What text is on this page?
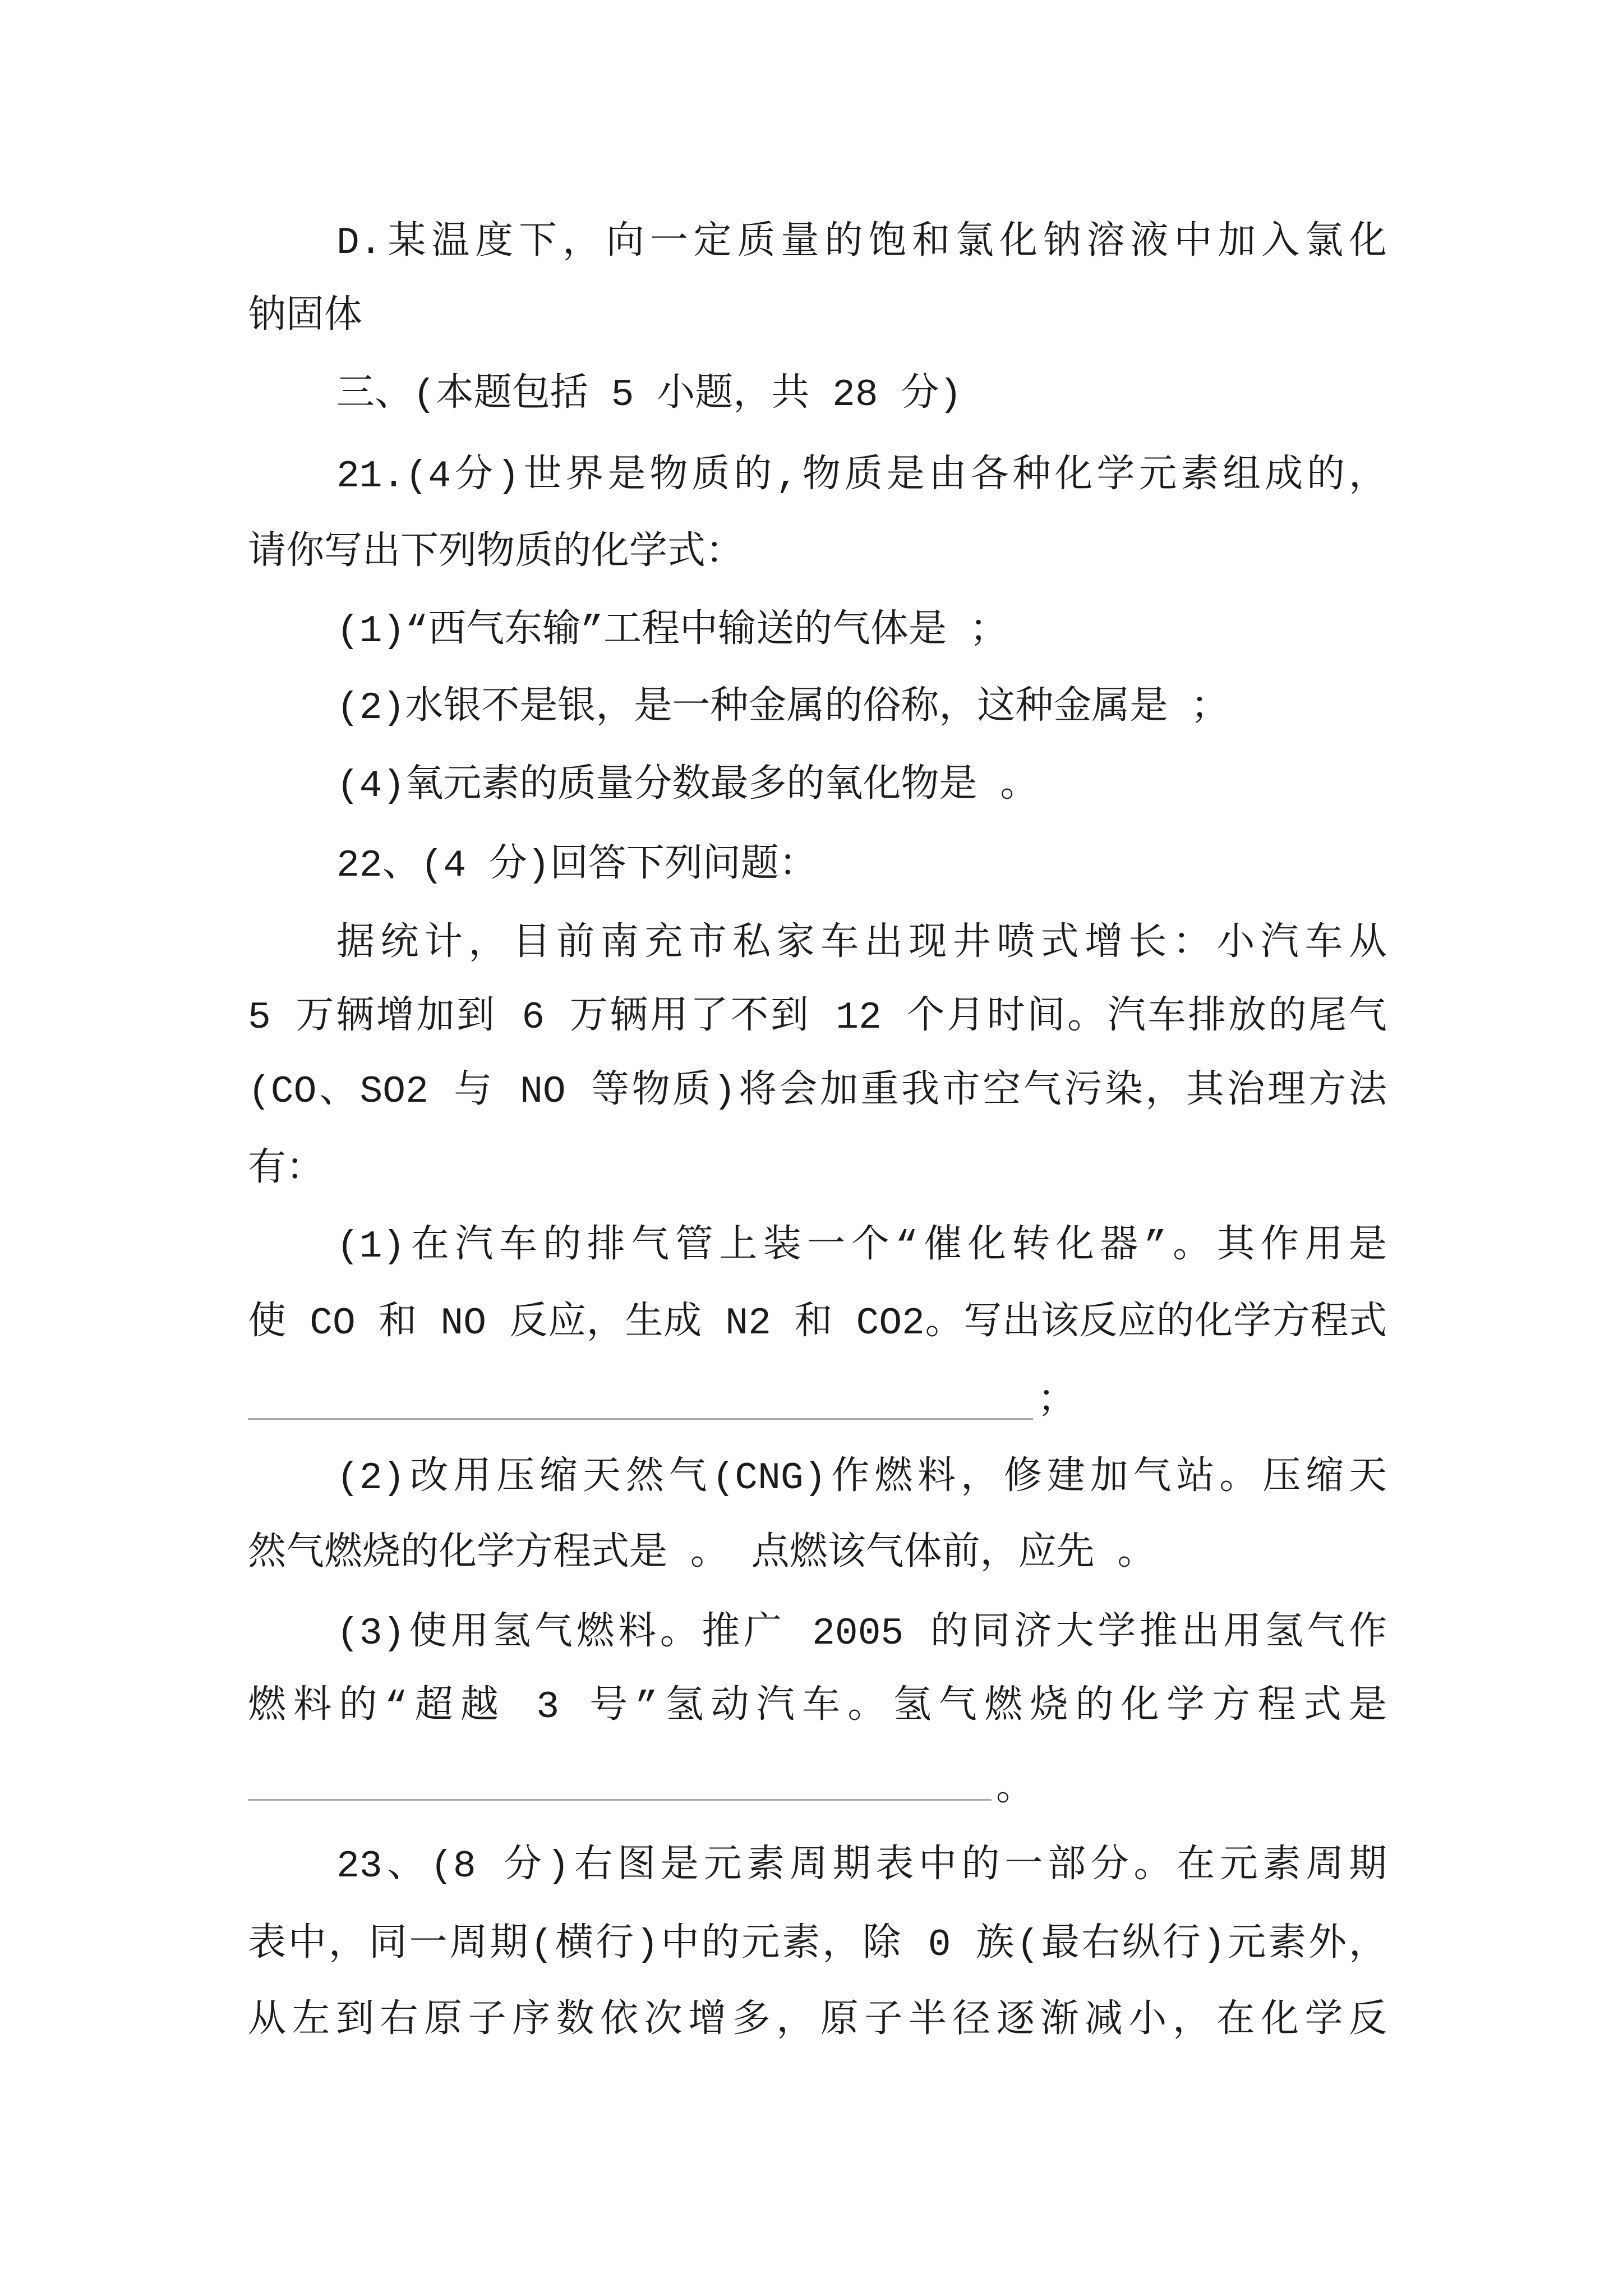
D.某温度下，向一定质量的饱和氯化钠溶液中加入氯化
钠固体
三、(本题包括 5 小题，共 28 分)
21.(4分)世界是物质的,物质是由各种化学元素组成的，
请你写出下列物质的化学式：
(1)“西气东输”工程中输送的气体是 ；
(2)水银不是银，是一种金属的俗称，这种金属是 ；
(4)氧元素的质量分数最多的氧化物是 。
22、(4 分)回答下列问题：
据统计，目前南充市私家车出现井喷式增长：小汽车从
5 万辆增加到 6 万辆用了不到 12 个月时间。汽车排放的尾气
(CO、SO2 与 NO 等物质)将会加重我市空气污染，其治理方法
有：
(1)在汽车的排气管上装一个“催化转化器”。其作用是
使 CO 和 NO 反应，生成 N2 和 CO2。写出该反应的化学方程式
；
(2)改用压缩天然气(CNG)作燃料，修建加气站。压缩天
然气燃烧的化学方程式是 。 点燃该气体前，应先 。
(3)使用氢气燃料。推广 2005 的同济大学推出用氢气作
燃料的“超越 3 号”氢动汽车。氢气燃烧的化学方程式是
。
23、(8 分)右图是元素周期表中的一部分。在元素周期
表中，同一周期(横行)中的元素，除 0 族(最右纵行)元素外，
从左到右原子序数依次增多，原子半径逐渐减小，在化学反
